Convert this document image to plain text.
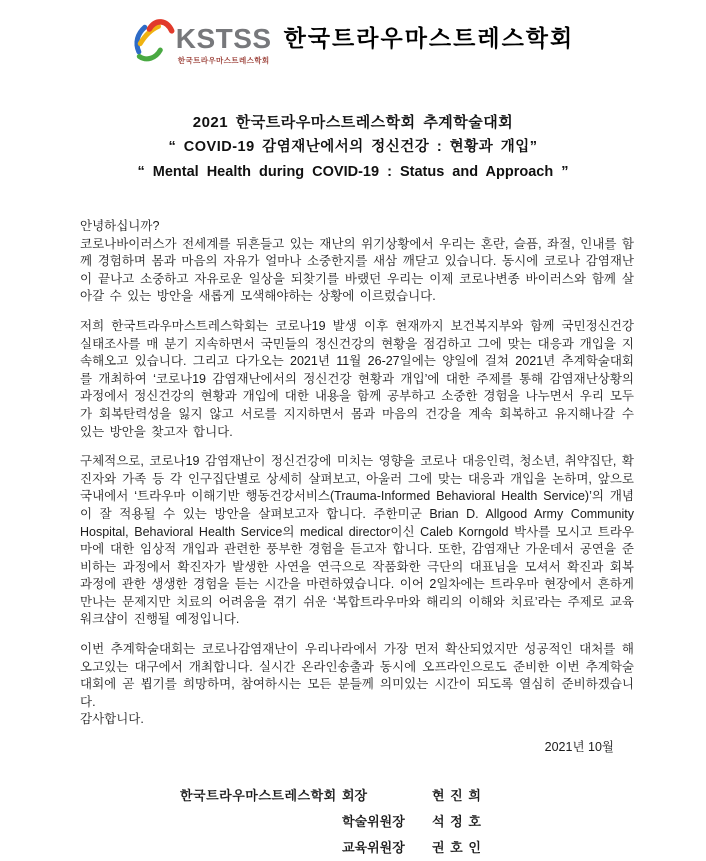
KSTSS
한국트라우마스트레스학회
한국트라우마스트레스학회
2021 한국트라우마스트레스학회 추계학술대회
“ COVID-19 감염재난에서의 정신건강 : 현황과 개입”
“ Mental Health during COVID-19 : Status and Approach ”
안녕하십니까?

코로나바이러스가 전세계를 뒤흔들고 있는 재난의 위기상황에서 우리는 혼란, 슬픔, 좌절, 인내를 함께 경험하며 몸과 마음의 자유가 얼마나 소중한지를 새삼 깨닫고 있습니다. 동시에 코로나 감염재난이 끝나고 소중하고 자유로운 일상을 되찾기를 바랬던 우리는 이제 코로나변종 바이러스와 함께 살아갈 수 있는 방안을 새롭게 모색해야하는 상황에 이르렀습니다.

저희 한국트라우마스트레스학회는 코로나19 발생 이후 현재까지 보건복지부와 함께 국민정신건강 실태조사를 매 분기 지속하면서 국민들의 정신건강의 현황을 점검하고 그에 맞는 대응과 개입을 지속해오고 있습니다. 그리고 다가오는 2021년 11월 26-27일에는 양일에 걸쳐 2021년 추계학술대회를 개최하여 ‘코로나19 감염재난에서의 정신건강 현황과 개입’에 대한 주제를 통해 감염재난상황의 과정에서 정신건강의 현황과 개입에 대한 내용을 함께 공부하고 소중한 경험을 나누면서 우리 모두가 회복탄력성을 잃지 않고 서로를 지지하면서 몸과 마음의 건강을 계속 회복하고 유지해나갈 수 있는 방안을 찾고자 합니다.

구체적으로, 코로나19 감염재난이 정신건강에 미치는 영향을 코로나 대응인력, 청소년, 취약집단, 확진자와 가족 등 각 인구집단별로 상세히 살펴보고, 아울러 그에 맞는 대응과 개입을 논하며, 앞으로 국내에서 ‘트라우마 이해기반 행동건강서비스(Trauma-Informed Behavioral Health Service)’의 개념이 잘 적용될 수 있는 방안을 살펴보고자 합니다. 주한미군 Brian D. Allgood Army Community Hospital, Behavioral Health Service의 medical director이신 Caleb Korngold 박사를 모시고 트라우마에 대한 임상적 개입과 관련한 풍부한 경험을 듣고자 합니다. 또한, 감염재난 가운데서 공연을 준비하는 과정에서 확진자가 발생한 사연을 연극으로 작품화한 극단의 대표님을 모셔서 확진과 회복과정에 관한 생생한 경험을 듣는 시간을 마련하였습니다. 이어 2일차에는 트라우마 현장에서 흔하게 만나는 문제지만 치료의 어려움을 겪기 쉬운 ‘복합트라우마와 해리의 이해와 치료’라는 주제로 교육워크샵이 진행될 예정입니다.

이번 추계학술대회는 코로나감염재난이 우리나라에서 가장 먼저 확산되었지만 성공적인 대처를 해오고있는 대구에서 개최합니다. 실시간 온라인송출과 동시에 오프라인으로도 준비한 이번 추계학술대회에 곧 뵙기를 희망하며, 참여하시는 모든 분들께 의미있는 시간이 되도록 열심히 준비하겠습니다.

감사합니다.
2021년 10월
한국트라우마스트레스학회 회장	현 진 희
학술위원장	석 정 호
교육위원장	권 호 인
